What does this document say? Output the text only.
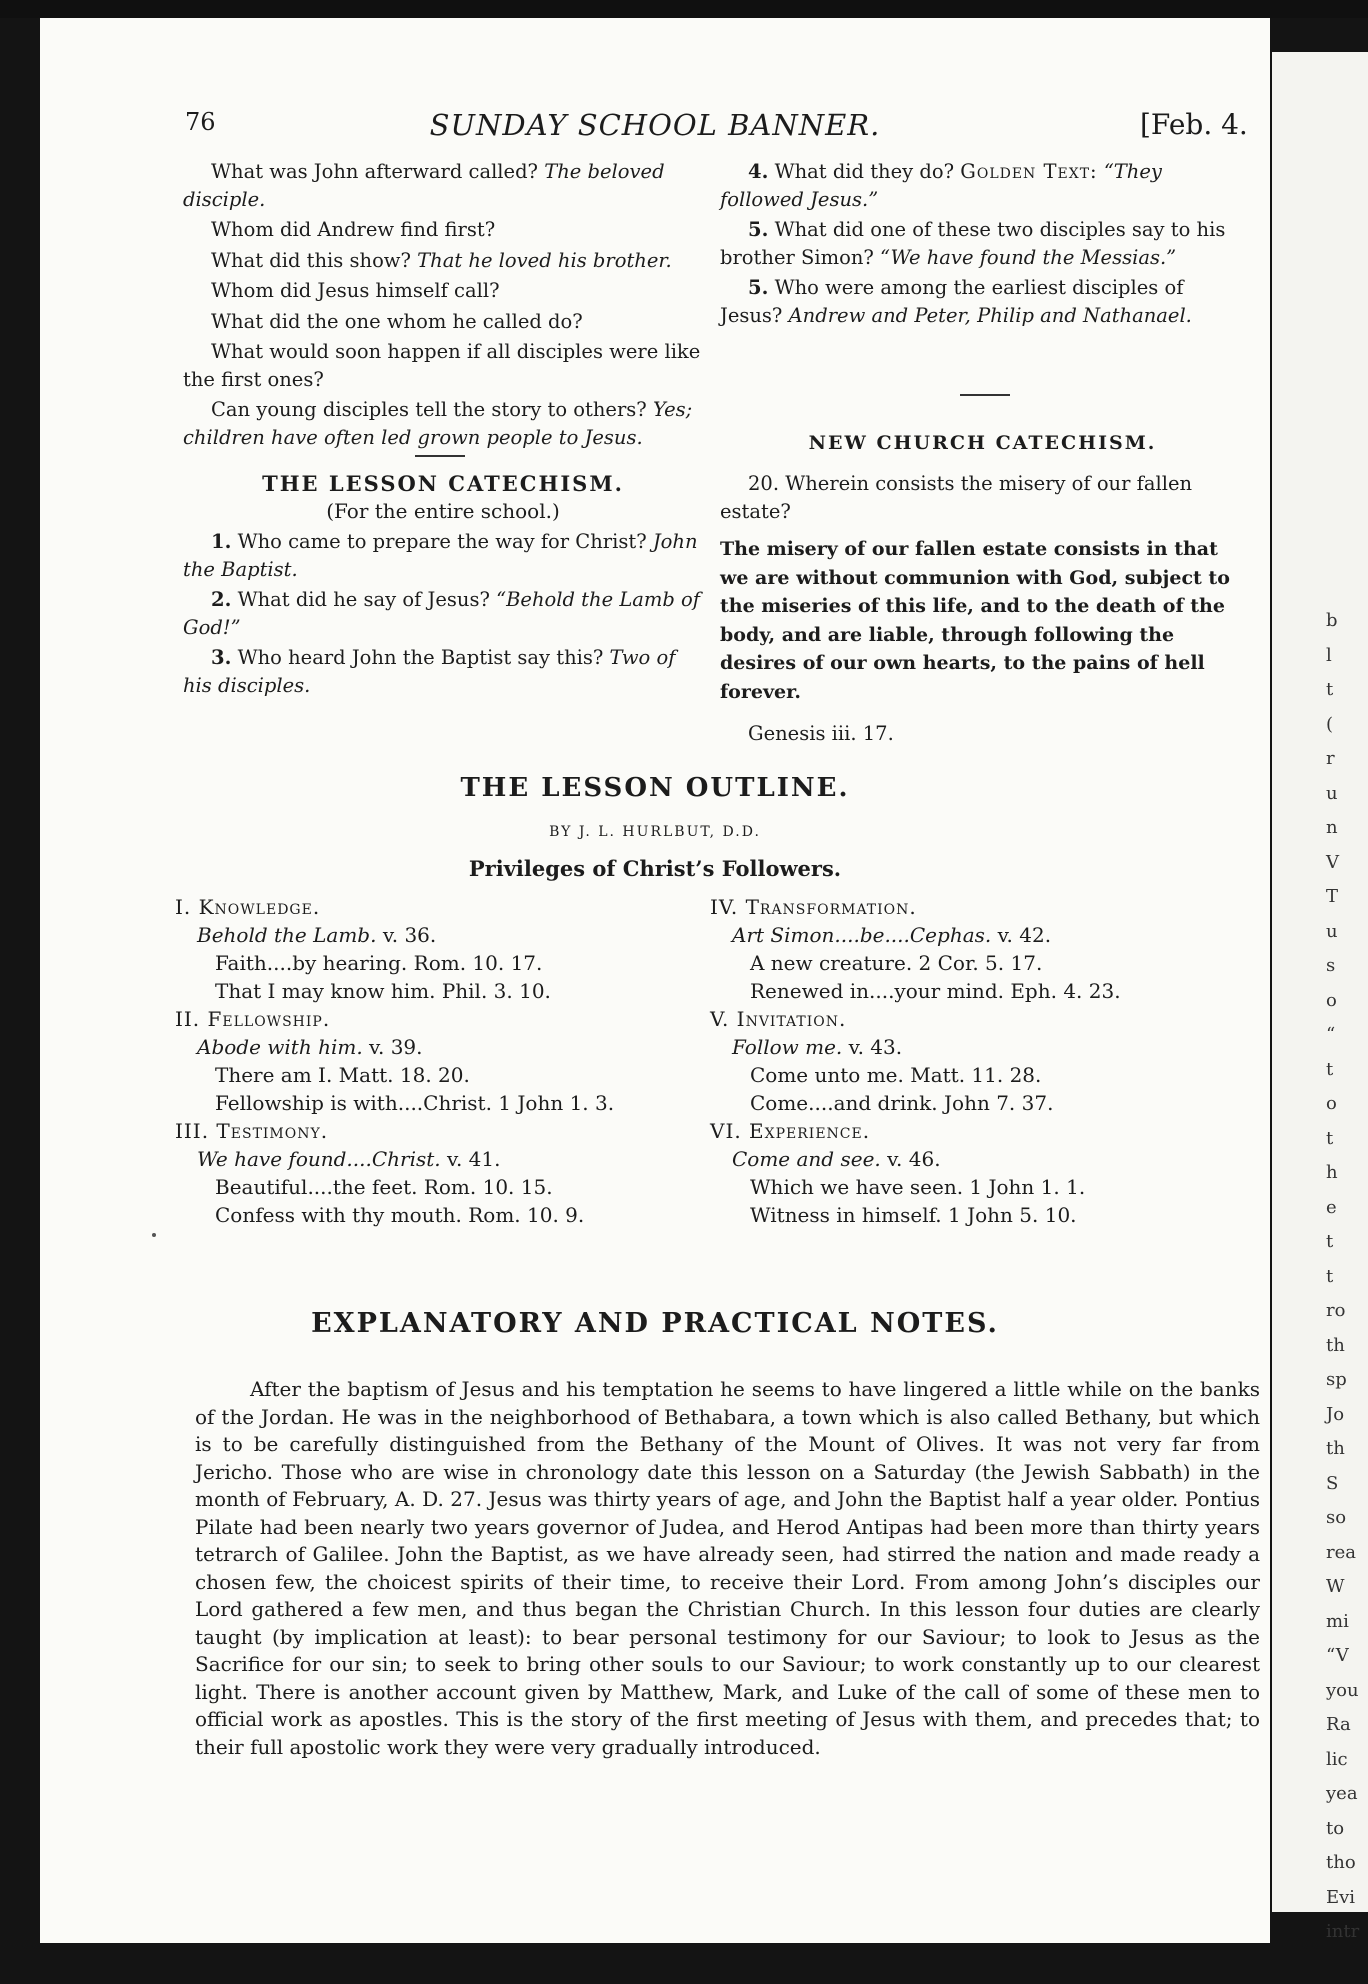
76	SUNDAY SCHOOL BANNER.	[Feb. 4.

What was John afterward called? The beloved disciple.

Whom did Andrew find first?

What did this show? That he loved his brother.

Whom did Jesus himself call?

What did the one whom he called do?

What would soon happen if all disciples were like the first ones?

Can young disciples tell the story to others? Yes; children have often led grown people to Jesus.

THE LESSON CATECHISM.
(For the entire school.)

1. Who came to prepare the way for Christ? John the Baptist.

2. What did he say of Jesus? “Behold the Lamb of God!”

3. Who heard John the Baptist say this? Two of his disciples.

4. What did they do? Golden Text: “They followed Jesus.”

5. What did one of these two disciples say to his brother Simon? “We have found the Messias.”

5. Who were among the earliest disciples of Jesus? Andrew and Peter, Philip and Nathanael.

NEW CHURCH CATECHISM.

20. Wherein consists the misery of our fallen estate?

The misery of our fallen estate consists in that we are without communion with God, subject to the miseries of this life, and to the death of the body, and are liable, through following the desires of our own hearts, to the pains of hell forever.

Genesis iii. 17.

THE LESSON OUTLINE.
BY J. L. HURLBUT, D.D.
Privileges of Christ’s Followers.
I. Knowledge.
Behold the Lamb. v. 36.
Faith....by hearing. Rom. 10. 17.
That I may know him. Phil. 3. 10.
II. Fellowship.
Abode with him. v. 39.
There am I. Matt. 18. 20.
Fellowship is with....Christ. 1 John 1. 3.
III. Testimony.
We have found....Christ. v. 41.
Beautiful....the feet. Rom. 10. 15.
Confess with thy mouth. Rom. 10. 9.
IV. Transformation.
Art Simon....be....Cephas. v. 42.
A new creature. 2 Cor. 5. 17.
Renewed in....your mind. Eph. 4. 23.
V. Invitation.
Follow me. v. 43.
Come unto me. Matt. 11. 28.
Come....and drink. John 7. 37.
VI. Experience.
Come and see. v. 46.
Which we have seen. 1 John 1. 1.
Witness in himself. 1 John 5. 10.
EXPLANATORY AND PRACTICAL NOTES.

After the baptism of Jesus and his temptation he seems to have lingered a little while on the banks of the Jordan. He was in the neighborhood of Bethabara, a town which is also called Bethany, but which is to be carefully distinguished from the Bethany of the Mount of Olives. It was not very far from Jericho. Those who are wise in chronology date this lesson on a Saturday (the Jewish Sabbath) in the month of February, A. D. 27. Jesus was thirty years of age, and John the Baptist half a year older. Pontius Pilate had been nearly two years governor of Judea, and Herod Antipas had been more than thirty years tetrarch of Galilee. John the Baptist, as we have already seen, had stirred the nation and made ready a chosen few, the choicest spirits of their time, to receive their Lord. From among John’s disciples our Lord gathered a few men, and thus began the Christian Church. In this lesson four duties are clearly taught (by implication at least): to bear personal testimony for our Saviour; to look to Jesus as the Sacrifice for our sin; to seek to bring other souls to our Saviour; to work constantly up to our clearest light. There is another account given by Matthew, Mark, and Luke of the call of some of these men to official work as apostles. This is the story of the first meeting of Jesus with them, and precedes that; to their full apostolic work they were very gradually introduced.

b
l
t
(
r
u
n
V
T
u
s
o
“
t
o
t
h
e
t
t
ro
th
sp
Jo
th
S
so
rea
W
mi
“V
you
Ra
lic
yea
to
tho
Evi
intr
